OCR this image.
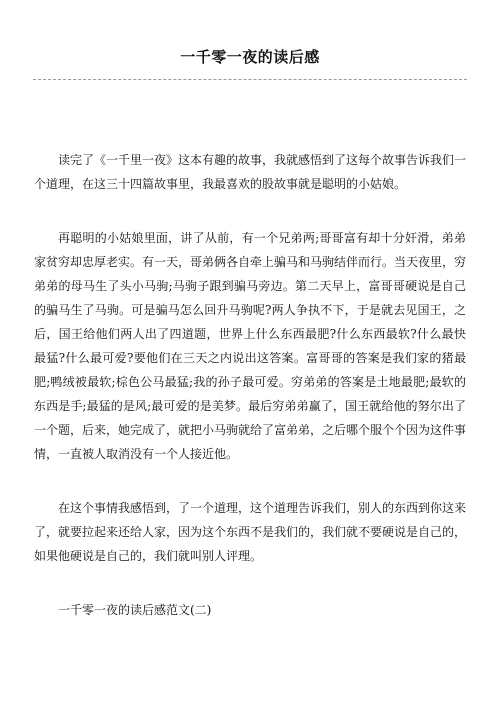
一千零一夜的读后感

读完了《一千里一夜》这本有趣的故事，我就感悟到了这每个故事告诉我们一个道理，在这三十四篇故事里，我最喜欢的股故事就是聪明的小姑娘。

再聪明的小姑娘里面，讲了从前，有一个兄弟两;哥哥富有却十分奸滑，弟弟家贫穷却忠厚老实。有一天，哥弟俩各自牵上骗马和马驹结伴而行。当天夜里，穷弟弟的母马生了头小马驹;马驹子跟到骗马旁边。第二天早上，富哥哥硬说是自己的骗马生了马驹。可是骗马怎么回升马驹呢?两人争执不下，于是就去见国王，之后，国王给他们两人出了四道题，世界上什么东西最肥?什么东西最软?什么最快最猛?什么最可爱?要他们在三天之内说出这答案。富哥哥的答案是我们家的猪最肥;鸭绒被最软;棕色公马最猛;我的孙子最可爱。穷弟弟的答案是土地最肥;最软的东西是手;最猛的是风;最可爱的是美梦。最后穷弟弟赢了，国王就给他的努尔出了一个题，后来，她完成了，就把小马驹就给了富弟弟，之后哪个服个个因为这件事情，一直被人取消没有一个人接近他。

在这个事情我感悟到，了一个道理，这个道理告诉我们，别人的东西到你这来了，就要拉起来还给人家，因为这个东西不是我们的，我们就不要硬说是自己的，如果他硬说是自己的，我们就叫别人评理。

一千零一夜的读后感范文(二)
